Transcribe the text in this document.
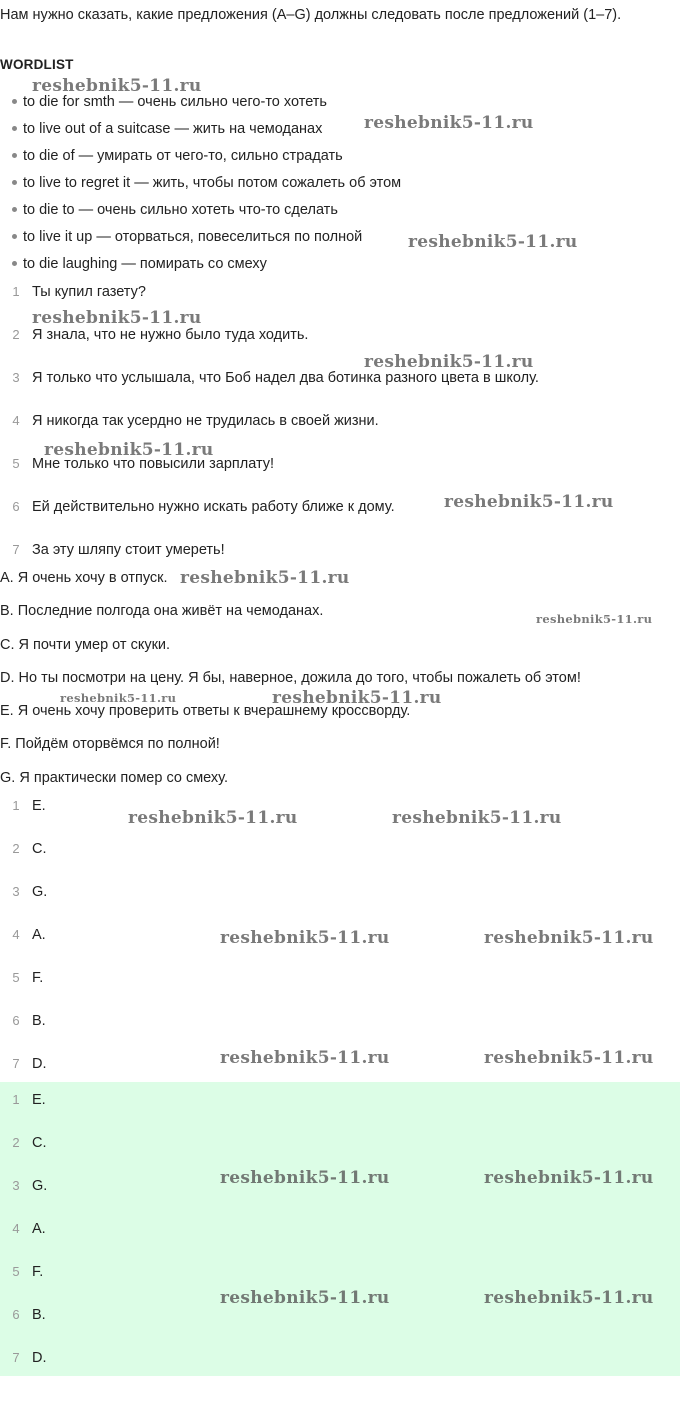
Нам нужно сказать, какие предложения (A–G) должны следовать после предложений (1–7).
WORDLIST
to die for smth — очень сильно чего-то хотеть
to live out of a suitcase — жить на чемоданах
to die of — умирать от чего-то, сильно страдать
to live to regret it — жить, чтобы потом сожалеть об этом
to die to — очень сильно хотеть что-то сделать
to live it up — оторваться, повеселиться по полной
to die laughing — помирать со смеху
1 Ты купил газету?
2 Я знала, что не нужно было туда ходить.
3 Я только что услышала, что Боб надел два ботинка разного цвета в школу.
4 Я никогда так усердно не трудилась в своей жизни.
5 Мне только что повысили зарплату!
6 Ей действительно нужно искать работу ближе к дому.
7 За эту шляпу стоит умереть!
A. Я очень хочу в отпуск.
B. Последние полгода она живёт на чемоданах.
C. Я почти умер от скуки.
D. Но ты посмотри на цену. Я бы, наверное, дожила до того, чтобы пожалеть об этом!
E. Я очень хочу проверить ответы к вчерашнему кроссворду.
F. Пойдём оторвёмся по полной!
G. Я практически помер со смеху.
1 E.
2 C.
3 G.
4 A.
5 F.
6 B.
7 D.
1 E.
2 C.
3 G.
4 A.
5 F.
6 B.
7 D.
reshebnik5-11.ru
reshebnik5-11.ru
reshebnik5-11.ru
reshebnik5-11.ru
reshebnik5-11.ru
reshebnik5-11.ru
reshebnik5-11.ru
reshebnik5-11.ru
reshebnik5-11.ru
reshebnik5-11.ru	reshebnik5-11.ru
reshebnik5-11.ru	reshebnik5-11.ru
reshebnik5-11.ru	reshebnik5-11.ru
reshebnik5-11.ru	reshebnik5-11.ru
reshebnik5-11.ru	reshebnik5-11.ru
reshebnik5-11.ru	reshebnik5-11.ru
